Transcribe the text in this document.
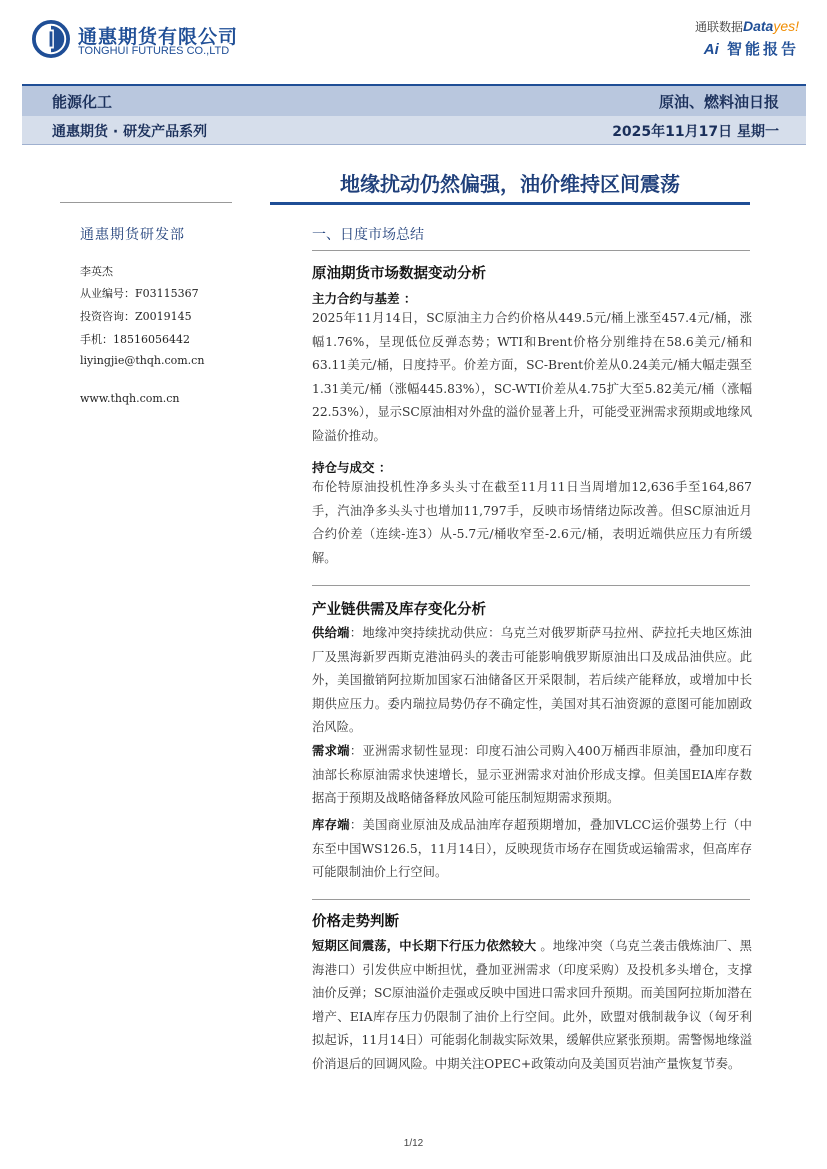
通惠期货有限公司
TONGHUI FUTURES CO.,LTD
通联数据Datayes!
Ai 智能报告
能源化工	原油、燃料油日报
通惠期货 · 研发产品系列	2025年11月17日 星期一
地缘扰动仍然偏强，油价维持区间震荡
通惠期货研发部
李英杰
从业编号：F03115367
投资咨询：Z0019145
手机：18516056442
liyingjie@thqh.com.cn
www.thqh.com.cn
一、日度市场总结
原油期货市场数据变动分析
主力合约与基差 ：
2025年11月14日，SC原油主力合约价格从449.5元/桶上涨至457.4元/桶，涨幅1.76%，呈现低位反弹态势；WTI和Brent价格分别维持在58.6美元/桶和63.11美元/桶，日度持平。价差方面，SC-Brent价差从0.24美元/桶大幅走强至1.31美元/桶（涨幅445.83%），SC-WTI价差从4.75扩大至5.82美元/桶（涨幅22.53%），显示SC原油相对外盘的溢价显著上升，可能受亚洲需求预期或地缘风险溢价推动。
持仓与成交 ：
布伦特原油投机性净多头头寸在截至11月11日当周增加12,636手至164,867手，汽油净多头头寸也增加11,797手，反映市场情绪边际改善。但SC原油近月合约价差（连续-连3）从-5.7元/桶收窄至-2.6元/桶，表明近端供应压力有所缓解。
产业链供需及库存变化分析
供给端：地缘冲突持续扰动供应：乌克兰对俄罗斯萨马拉州、萨拉托夫地区炼油厂及黑海新罗西斯克港油码头的袭击可能影响俄罗斯原油出口及成品油供应。此外，美国撤销阿拉斯加国家石油储备区开采限制，若后续产能释放，或增加中长期供应压力。委内瑞拉局势仍存不确定性，美国对其石油资源的意图可能加剧政治风险。
需求端：亚洲需求韧性显现：印度石油公司购入400万桶西非原油，叠加印度石油部长称原油需求快速增长，显示亚洲需求对油价形成支撑。但美国EIA库存数据高于预期及战略储备释放风险可能压制短期需求预期。
库存端：美国商业原油及成品油库存超预期增加，叠加VLCC运价强势上行（中东至中国WS126.5，11月14日），反映现货市场存在囤货或运输需求，但高库存可能限制油价上行空间。
价格走势判断
短期区间震荡，中长期下行压力依然较大 。地缘冲突（乌克兰袭击俄炼油厂、黑海港口）引发供应中断担忧，叠加亚洲需求（印度采购）及投机多头增仓，支撑油价反弹；SC原油溢价走强或反映中国进口需求回升预期。而美国阿拉斯加潜在增产、EIA库存压力仍限制了油价上行空间。此外，欧盟对俄制裁争议（匈牙利拟起诉，11月14日）可能弱化制裁实际效果，缓解供应紧张预期。需警惕地缘溢价消退后的回调风险。中期关注OPEC+政策动向及美国页岩油产量恢复节奏。
1/12
